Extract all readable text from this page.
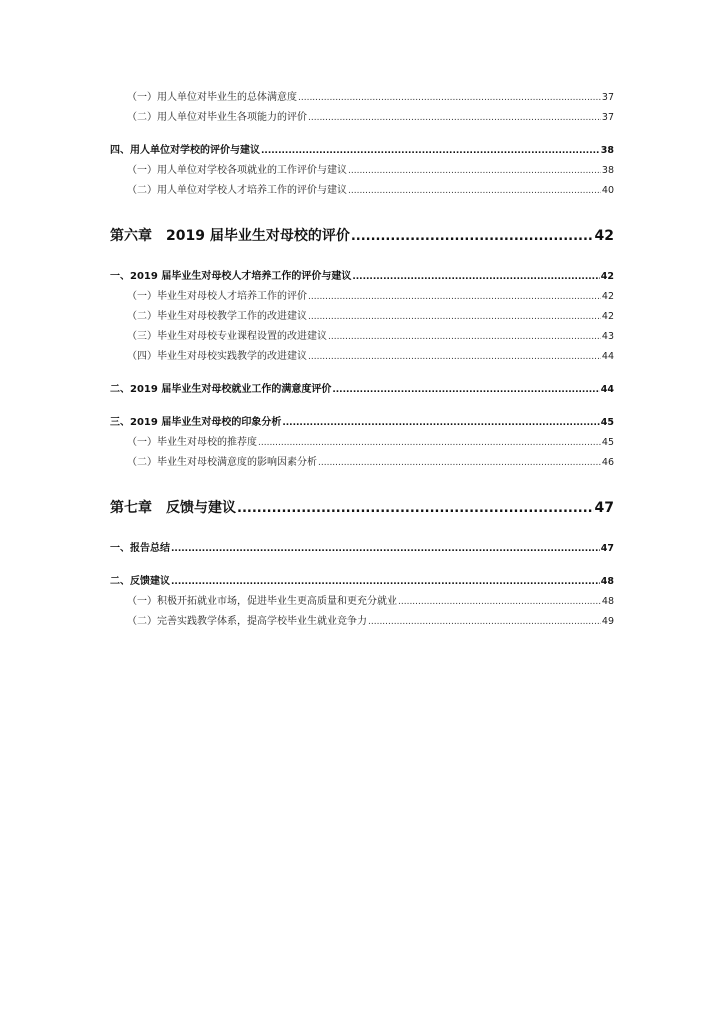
（一）用人单位对毕业生的总体满意度 .....	37
（二）用人单位对毕业生各项能力的评价 .....	37
四、用人单位对学校的评价与建议 .....	38
（一）用人单位对学校各项就业的工作评价与建议 .....	38
（二）用人单位对学校人才培养工作的评价与建议 .....	40
第六章　2019 届毕业生对母校的评价 .....	42
一、2019 届毕业生对母校人才培养工作的评价与建议 .....	42
（一）毕业生对母校人才培养工作的评价 .....	42
（二）毕业生对母校教学工作的改进建议 .....	42
（三）毕业生对母校专业课程设置的改进建议 .....	43
（四）毕业生对母校实践教学的改进建议 .....	44
二、2019 届毕业生对母校就业工作的满意度评价 .....	44
三、2019 届毕业生对母校的印象分析 .....	45
（一）毕业生对母校的推荐度 .....	45
（二）毕业生对母校满意度的影响因素分析 .....	46
第七章　反馈与建议 .....	47
一、报告总结 .....	47
二、反馈建议 .....	48
（一）积极开拓就业市场，促进毕业生更高质量和更充分就业 .....	48
（二）完善实践教学体系，提高学校毕业生就业竞争力 .....	49
